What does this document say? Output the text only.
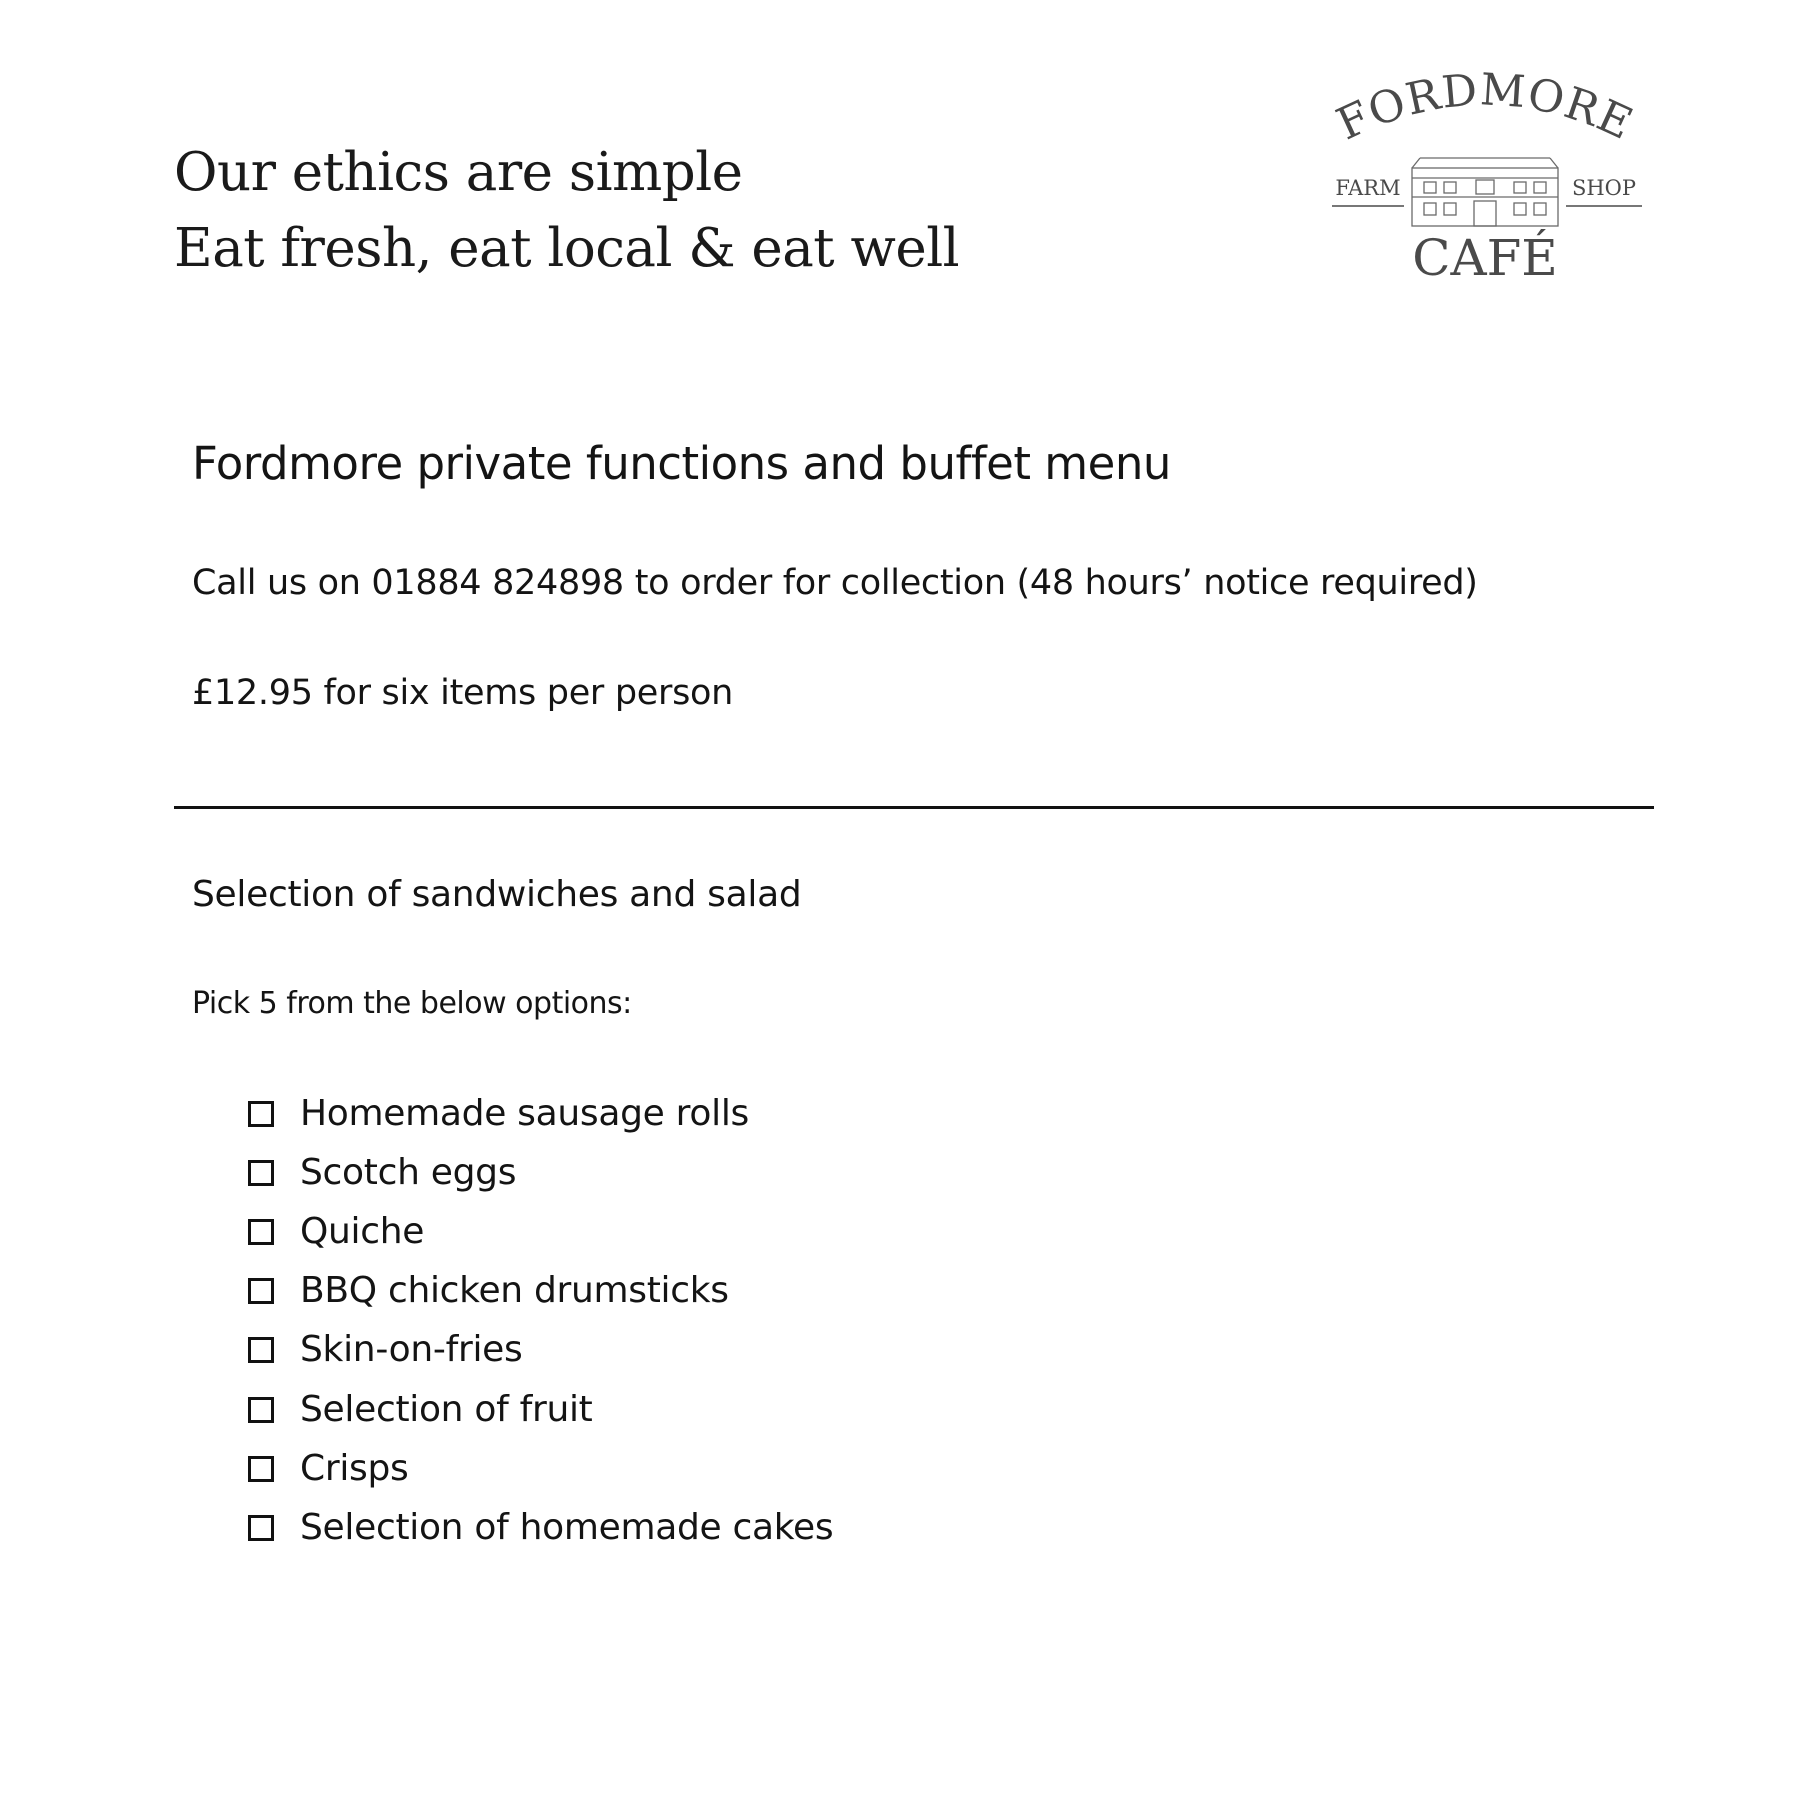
Our ethics are simple
Eat fresh, eat local & eat well
FORDMORE
FARM	SHOP
CAFÉ
Fordmore private functions and buffet menu
Call us on 01884 824898 to order for collection (48 hours’ notice required)
£12.95 for six items per person
Selection of sandwiches and salad
Pick 5 from the below options:
Homemade sausage rolls
Scotch eggs
Quiche
BBQ chicken drumsticks
Skin-on-fries
Selection of fruit
Crisps
Selection of homemade cakes
